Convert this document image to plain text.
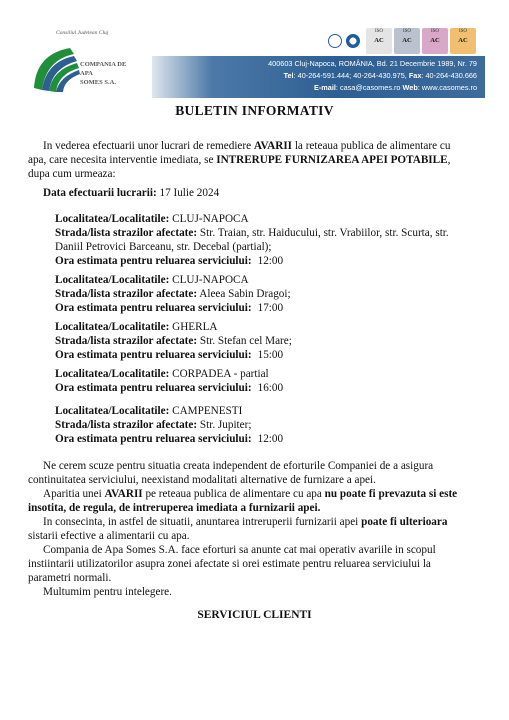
Consiliul Judetean Cluj
COMPANIA DE APA
SOMES S.A.
ISO
AC
ISO
AC
ISO
AC
ISO
AC
400603 Cluj-Napoca, ROMÂNIA, Bd. 21 Decembrie 1989, Nr. 79
Tel: 40-264-591.444; 40-264-430.975, Fax: 40-264-430.666
E-mail: casa@casomes.ro Web: www.casomes.ro
BULETIN INFORMATIV
In vederea efectuarii unor lucrari de remediere AVARII la reteaua publica de alimentare cu
apa, care necesita interventie imediata, se INTRERUPE FURNIZAREA APEI POTABILE,
dupa cum urmeaza:
Data efectuarii lucrarii: 17 Iulie 2024
Localitatea/Localitatile: CLUJ-NAPOCA
Strada/lista strazilor afectate: Str. Traian, str. Haiducului, str. Vrabiilor, str. Scurta, str.
Daniil Petrovici Barceanu, str. Decebal (partial);
Ora estimata pentru reluarea serviciului: 12:00
Localitatea/Localitatile: CLUJ-NAPOCA
Strada/lista strazilor afectate: Aleea Sabin Dragoi;
Ora estimata pentru reluarea serviciului: 17:00
Localitatea/Localitatile: GHERLA
Strada/lista strazilor afectate: Str. Stefan cel Mare;
Ora estimata pentru reluarea serviciului: 15:00
Localitatea/Localitatile: CORPADEA - partial
Ora estimata pentru reluarea serviciului: 16:00
Localitatea/Localitatile: CAMPENESTI
Strada/lista strazilor afectate: Str. Jupiter;
Ora estimata pentru reluarea serviciului: 12:00
Ne cerem scuze pentru situatia creata independent de eforturile Companiei de a asigura
continuitatea serviciului, neexistand modalitati alternative de furnizare a apei.
Aparitia unei AVARII pe reteaua publica de alimentare cu apa nu poate fi prevazuta si este
insotita, de regula, de intreruperea imediata a furnizarii apei.
In consecinta, in astfel de situatii, anuntarea intreruperii furnizarii apei poate fi ulterioara
sistarii efective a alimentarii cu apa.
Compania de Apa Somes S.A. face eforturi sa anunte cat mai operativ avariile in scopul
instiintarii utilizatorilor asupra zonei afectate si orei estimate pentru reluarea serviciului la
parametri normali.
Multumim pentru intelegere.
SERVICIUL CLIENTI
